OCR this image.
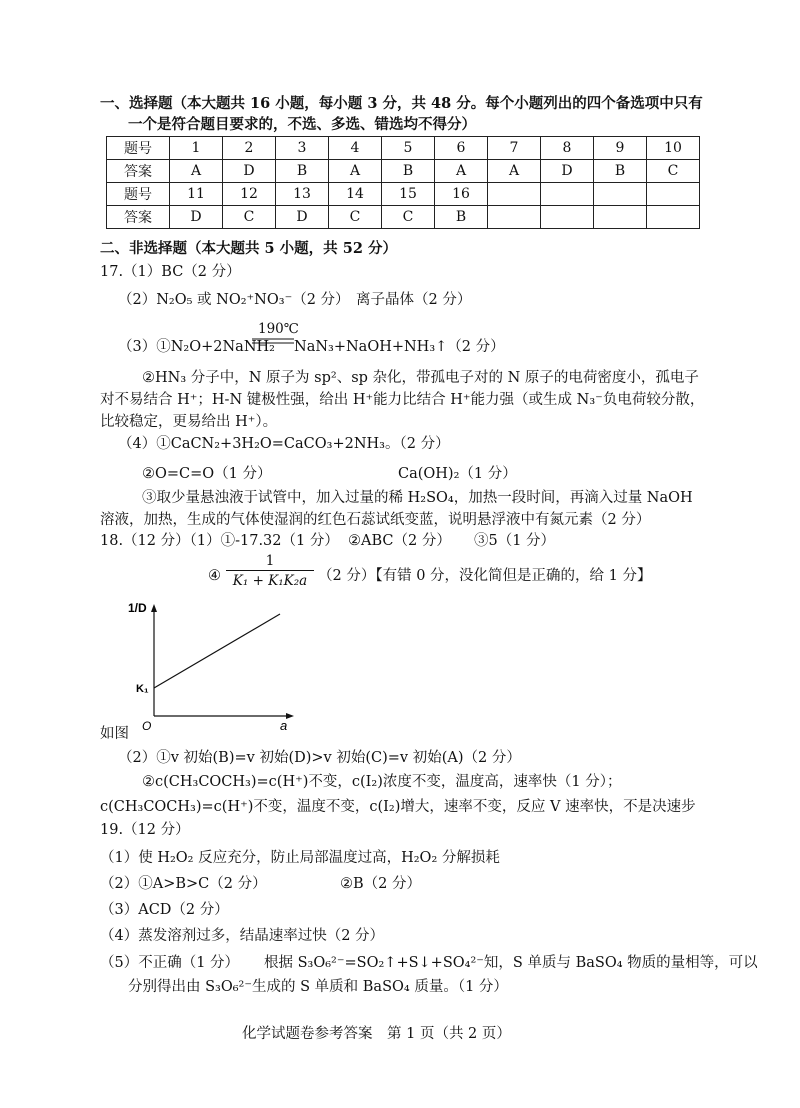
一、选择题（本大题共 16 小题，每小题 3 分，共 48 分。每个小题列出的四个备选项中只有
一个是符合题目要求的，不选、多选、错选均不得分）
题号	1	2	3	4	5	6	7	8	9	10
答案	A	D	B	A	B	A	A	D	B	C
题号	11	12	13	14	15	16				
答案	D	C	D	C	C	B				
二、非选择题（本大题共 5 小题，共 52 分）
17.（1）BC（2 分）
（2）N₂O₅ 或 NO₂⁺NO₃⁻（2 分） 离子晶体（2 分）
（3）①N₂O+2NaNH₂
190℃
NaN₃+NaOH+NH₃↑（2 分）
②HN₃ 分子中，N 原子为 sp²、sp 杂化，带孤电子对的 N 原子的电荷密度小，孤电子
对不易结合 H⁺；H-N 键极性强，给出 H⁺能力比结合 H⁺能力强（或生成 N₃⁻负电荷较分散，
比较稳定，更易给出 H⁺）。
（4）①CaCN₂+3H₂O=CaCO₃+2NH₃。（2 分）
②O=C=O（1 分）	Ca(OH)₂（1 分）
③取少量悬浊液于试管中，加入过量的稀 H₂SO₄，加热一段时间，再滴入过量 NaOH
溶液，加热，生成的气体使湿润的红色石蕊试纸变蓝，说明悬浮液中有氮元素（2 分）
18.（12 分）（1）①-17.32（1 分） ②ABC（2 分） ③5（1 分）
④ $\frac{1}{\text{K₁ + K₁K₂a}} (2$ 分）【有错 0 分，没化简但是正确的，给 1 分】
1/D
K₁
O	a
如图
（2）①v 初始(B)=v 初始(D)>v 初始(C)=v 初始(A)（2 分）
②c(CH₃COCH₃)=c(H⁺)不变，c(I₂)浓度不变，温度高，速率快（1 分）；
c(CH₃COCH₃)=c(H⁺)不变，温度不变，c(I₂)增大，速率不变，反应 V 速率快，不是决速步
19.（12 分）
（1）使 H₂O₂ 反应充分，防止局部温度过高，H₂O₂ 分解损耗
（2）①A>B>C（2 分）	②B（2 分）
（3）ACD（2 分）
（4）蒸发溶剂过多，结晶速率过快（2 分）
（5）不正确（1 分） 根据 S₃O₆²⁻=SO₂↑+S↓+SO₄²⁻知，S 单质与 BaSO₄ 物质的量相等，可以
分别得出由 S₃O₆²⁻生成的 S 单质和 BaSO₄ 质量。（1 分）
化学试题卷参考答案　第 1 页（共 2 页）
